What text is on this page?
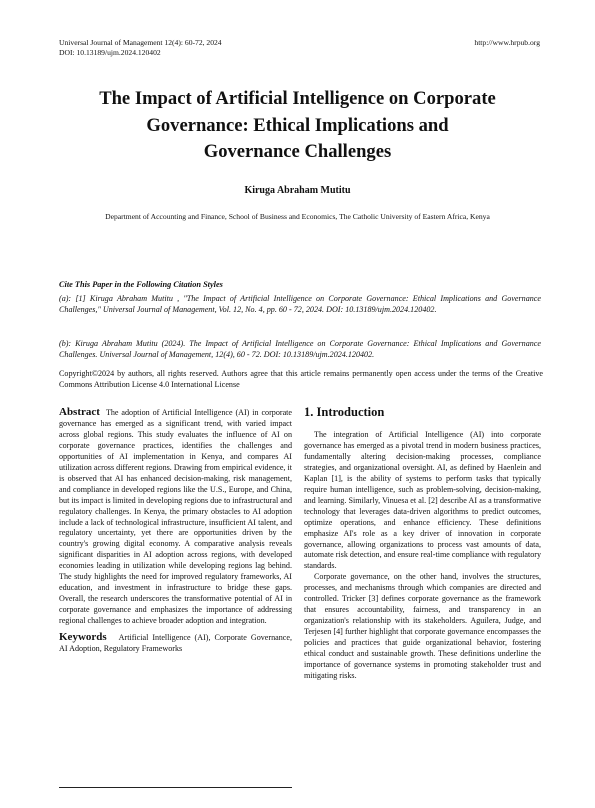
Universal Journal of Management 12(4): 60-72, 2024
DOI: 10.13189/ujm.2024.120402
http://www.hrpub.org
The Impact of Artificial Intelligence on Corporate
Governance: Ethical Implications and
Governance Challenges
Kiruga Abraham Mutitu
Department of Accounting and Finance, School of Business and Economics, The Catholic University of Eastern Africa, Kenya
Cite This Paper in the Following Citation Styles
(a): [1] Kiruga Abraham Mutitu , "The Impact of Artificial Intelligence on Corporate Governance: Ethical Implications and Governance Challenges," Universal Journal of Management, Vol. 12, No. 4, pp. 60 - 72, 2024. DOI: 10.13189/ujm.2024.120402.
(b): Kiruga Abraham Mutitu (2024). The Impact of Artificial Intelligence on Corporate Governance: Ethical Implications and Governance Challenges. Universal Journal of Management, 12(4), 60 - 72. DOI: 10.13189/ujm.2024.120402.
Copyright©2024 by authors, all rights reserved. Authors agree that this article remains permanently open access under the terms of the Creative Commons Attribution License 4.0 International License
Abstract The adoption of Artificial Intelligence (AI) in corporate governance has emerged as a significant trend, with varied impact across global regions. This study evaluates the influence of AI on corporate governance practices, identifies the challenges and opportunities of AI implementation in Kenya, and compares AI utilization across different regions. Drawing from empirical evidence, it is observed that AI has enhanced decision-making, risk management, and compliance in developed regions like the U.S., Europe, and China, but its impact is limited in developing regions due to infrastructural and regulatory challenges. In Kenya, the primary obstacles to AI adoption include a lack of technological infrastructure, insufficient AI talent, and regulatory uncertainty, yet there are opportunities driven by the country's growing digital economy. A comparative analysis reveals significant disparities in AI adoption across regions, with developed economies leading in utilization while developing regions lag behind. The study highlights the need for improved regulatory frameworks, AI education, and investment in infrastructure to bridge these gaps. Overall, the research underscores the transformative potential of AI in corporate governance and emphasizes the importance of addressing regional challenges to achieve broader adoption and integration.
Keywords Artificial Intelligence (AI), Corporate Governance, AI Adoption, Regulatory Frameworks
1. Introduction

The integration of Artificial Intelligence (AI) into corporate governance has emerged as a pivotal trend in modern business practices, fundamentally altering decision-making processes, compliance strategies, and organizational oversight. AI, as defined by Haenlein and Kaplan [1], is the ability of systems to perform tasks that typically require human intelligence, such as problem-solving, decision-making, and learning. Similarly, Vinuesa et al. [2] describe AI as a transformative technology that leverages data-driven algorithms to predict outcomes, optimize operations, and enhance efficiency. These definitions emphasize AI's role as a key driver of innovation in corporate governance, allowing organizations to process vast amounts of data, automate risk detection, and ensure real-time compliance with regulatory standards.

Corporate governance, on the other hand, involves the structures, processes, and mechanisms through which companies are directed and controlled. Tricker [3] defines corporate governance as the framework that ensures accountability, fairness, and transparency in an organization's relationship with its stakeholders. Aguilera, Judge, and Terjesen [4] further highlight that corporate governance encompasses the policies and practices that guide organizational behavior, fostering ethical conduct and sustainable growth. These definitions underline the importance of governance systems in promoting stakeholder trust and mitigating risks.
